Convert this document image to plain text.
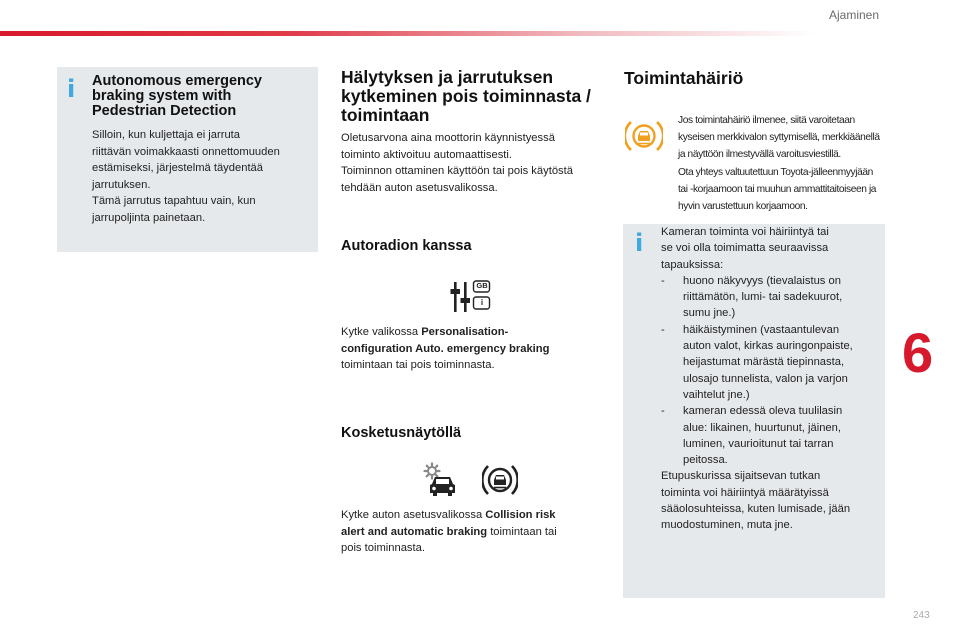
Ajaminen
6
243
i	Autonomous emergency braking system with Pedestrian Detection
Silloin, kun kuljettaja ei jarruta
riittävän voimakkaasti onnettomuuden
estämiseksi, järjestelmä täydentää
jarrutuksen.
Tämä jarrutus tapahtuu vain, kun
jarrupoljinta painetaan.
Hälytyksen ja jarrutuksen kytkeminen pois toiminnasta / toimintaan
Oletusarvona aina moottorin käynnistyessä
toiminto aktivoituu automaattisesti.
Toiminnon ottaminen käyttöön tai pois käytöstä
tehdään auton asetusvalikossa.
Autoradion kanssa
GB
i
Kytke valikossa Personalisation-
configuration Auto. emergency braking
toimintaan tai pois toiminnasta.
Kosketusnäytöllä
Kytke auton asetusvalikossa Collision risk
alert and automatic braking toimintaan tai
pois toiminnasta.
Toimintahäiriö
Jos toimintahäiriö ilmenee, siitä varoitetaan
kyseisen merkkivalon syttymisellä, merkkiäänellä
ja näyttöön ilmestyvällä varoitusviestillä.
Ota yhteys valtuutettuun Toyota-jälleenmyyjään
tai -korjaamoon tai muuhun ammattitaitoiseen ja
hyvin varustettuun korjaamoon.
i	Kameran toiminta voi häiriintyä tai
se voi olla toimimatta seuraavissa
tapauksissa:
- huono näkyvyys (tievalaistus on
riittämätön, lumi- tai sadekuurot,
sumu jne.)
- häikäistyminen (vastaantulevan
auton valot, kirkas auringonpaiste,
heijastumat märästä tiepinnasta,
ulosajo tunnelista, valon ja varjon
vaihtelut jne.)
- kameran edessä oleva tuulilasin
alue: likainen, huurtunut, jäinen,
luminen, vaurioitunut tai tarran
peitossa.
Etupuskurissa sijaitsevan tutkan
toiminta voi häiriintyä määrätyissä
sääolosuhteissa, kuten lumisade, jään
muodostuminen, muta jne.
